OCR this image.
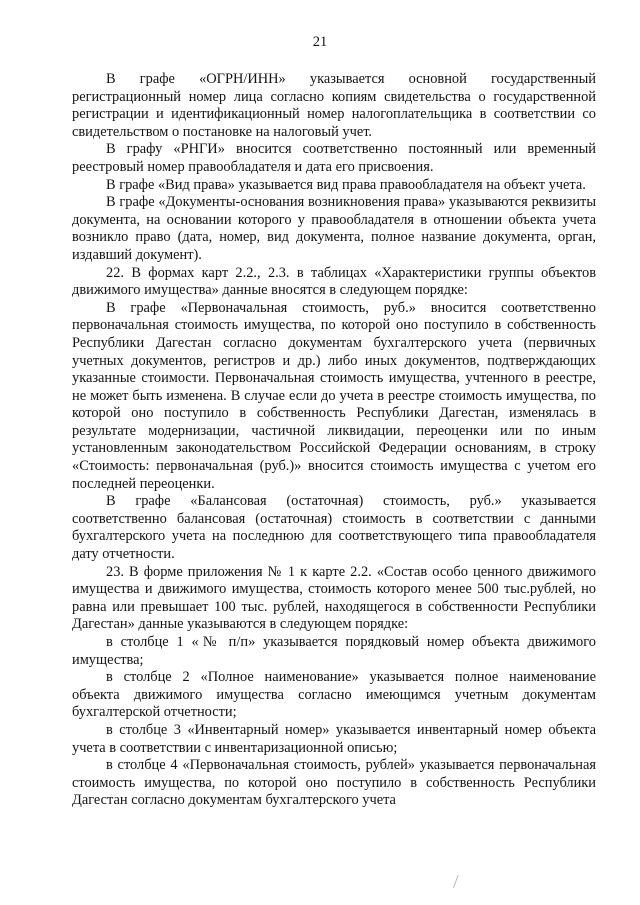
21

В графе «ОГРН/ИНН» указывается основной государственный регистрационный номер лица согласно копиям свидетельства о государственной регистрации и идентификационный номер налогоплательщика в соответствии со свидетельством о постановке на налоговый учет.

В графу «РНГИ» вносится соответственно постоянный или временный реестровый номер правообладателя и дата его присвоения.

В графе «Вид права» указывается вид права правообладателя на объект учета.

В графе «Документы-основания возникновения права» указываются реквизиты документа, на основании которого у правообладателя в отношении объекта учета возникло право (дата, номер, вид документа, полное название документа, орган, издавший документ).

22. В формах карт 2.2., 2.3. в таблицах «Характеристики группы объектов движимого имущества» данные вносятся в следующем порядке:

В графе «Первоначальная стоимость, руб.» вносится соответственно первоначальная стоимость имущества, по которой оно поступило в собственность Республики Дагестан согласно документам бухгалтерского учета (первичных учетных документов, регистров и др.) либо иных документов, подтверждающих указанные стоимости. Первоначальная стоимость имущества, учтенного в реестре, не может быть изменена. В случае если до учета в реестре стоимость имущества, по которой оно поступило в собственность Республики Дагестан, изменялась в результате модернизации, частичной ликвидации, переоценки или по иным установленным законодательством Российской Федерации основаниям, в строку «Стоимость: первоначальная (руб.)» вносится стоимость имущества с учетом его последней переоценки.

В графе «Балансовая (остаточная) стоимость, руб.» указывается соответственно балансовая (остаточная) стоимость в соответствии с данными бухгалтерского учета на последнюю для соответствующего типа правообладателя дату отчетности.

23. В форме приложения № 1 к карте 2.2. «Состав особо ценного движимого имущества и движимого имущества, стоимость которого менее 500 тыс.рублей, но равна или превышает 100 тыс. рублей, находящегося в собственности Республики Дагестан» данные указываются в следующем порядке:

в столбце 1 «№ п/п» указывается порядковый номер объекта движимого имущества;

в столбце 2 «Полное наименование» указывается полное наименование объекта движимого имущества согласно имеющимся учетным документам бухгалтерской отчетности;

в столбце 3 «Инвентарный номер» указывается инвентарный номер объекта учета в соответствии с инвентаризационной описью;

в столбце 4 «Первоначальная стоимость, рублей» указывается первоначальная стоимость имущества, по которой оно поступило в собственность Республики Дагестан согласно документам бухгалтерского учета
